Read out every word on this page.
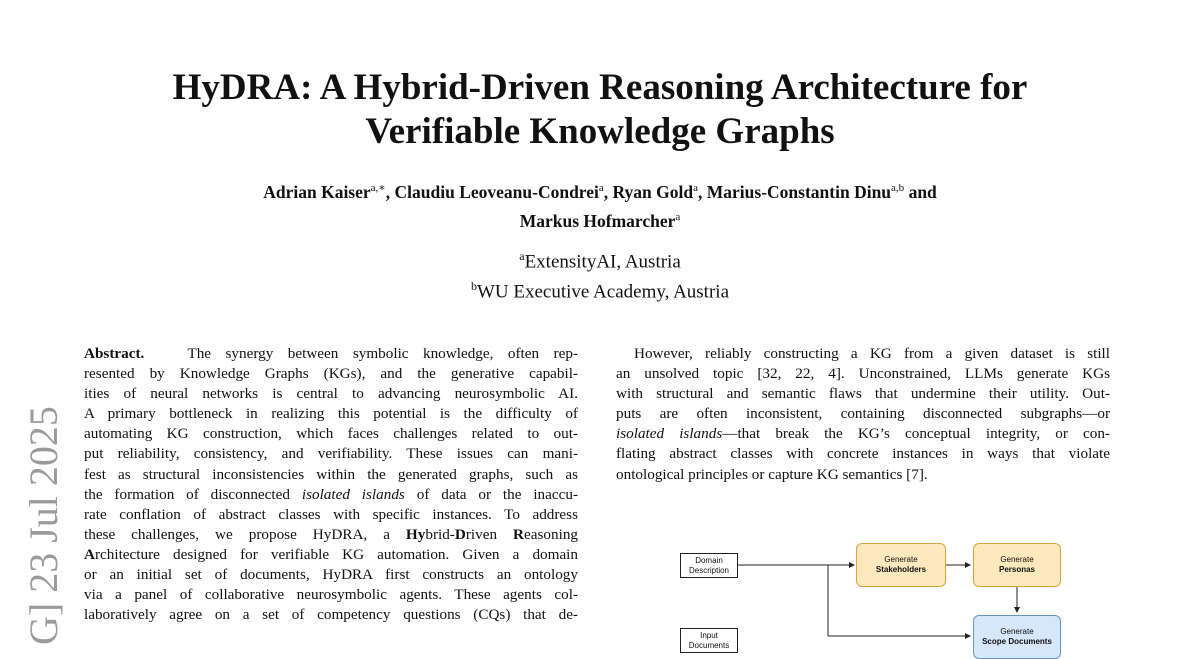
HyDRA: A Hybrid-Driven Reasoning Architecture for
Verifiable Knowledge Graphs
Adrian Kaiser$^{a,∗}$, Claudiu Leoveanu-Condrei$^a$, Ryan Gold$^a$, Marius-Constantin Dinu$^{a,b}$ and
Markus Hofmarcher$^a$
$^a$ExtensityAI, Austria
$^b$WU Executive Academy, Austria
G] 23 Jul 2025
Abstract.	The synergy between symbolic knowledge, often rep-
resented by Knowledge Graphs (KGs), and the generative capabil-
ities of neural networks is central to advancing neurosymbolic AI.
A primary bottleneck in realizing this potential is the difficulty of
automating KG construction, which faces challenges related to out-
put reliability, consistency, and verifiability. These issues can mani-
fest as structural inconsistencies within the generated graphs, such as
the formation of disconnected isolated islands of data or the inaccu-
rate conflation of abstract classes with specific instances. To address
these challenges, we propose HyDRA, a Hybrid-Driven Reasoning
Architecture designed for verifiable KG automation. Given a domain
or an initial set of documents, HyDRA first constructs an ontology
via a panel of collaborative neurosymbolic agents. These agents col-
laboratively agree on a set of competency questions (CQs) that de-
However, reliably constructing a KG from a given dataset is still
an unsolved topic [32, 22, 4]. Unconstrained, LLMs generate KGs
with structural and semantic flaws that undermine their utility. Out-
puts are often inconsistent, containing disconnected subgraphs—or
isolated islands—that break the KG’s conceptual integrity, or con-
flating abstract classes with concrete instances in ways that violate
ontological principles or capture KG semantics [7].
Domain
Description
Generate
Stakeholders
Generate
Personas
Input
Documents
Generate
Scope Documents
